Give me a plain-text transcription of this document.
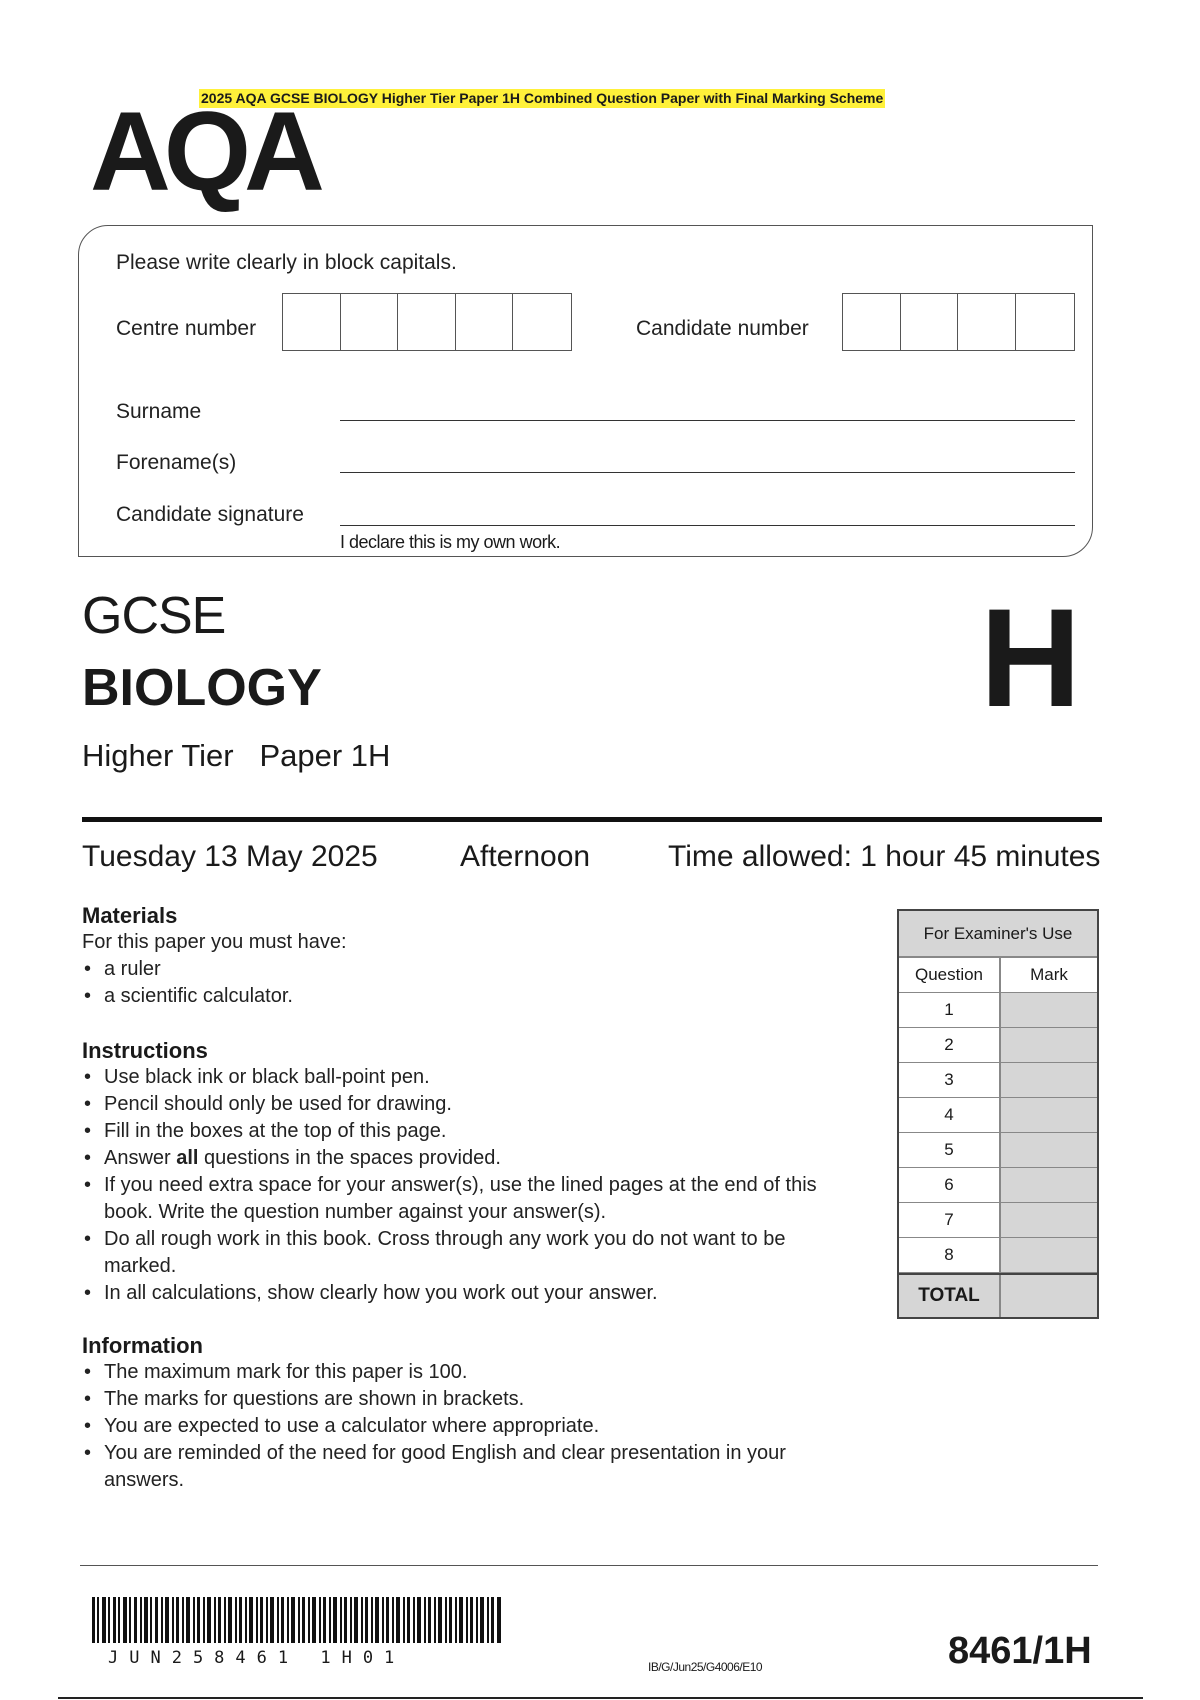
2025 AQA GCSE BIOLOGY Higher Tier Paper 1H Combined Question Paper with Final Marking Scheme
AQA
Please write clearly in block capitals.
Centre number	Candidate number
Surname
Forename(s)
Candidate signature
I declare this is my own work.
GCSE
BIOLOGY
Higher Tier Paper 1H
H
Tuesday 13 May 2025	Afternoon	Time allowed: 1 hour 45 minutes
Materials
For this paper you must have:
• a ruler
• a scientific calculator.
Instructions
• Use black ink or black ball-point pen.
• Pencil should only be used for drawing.
• Fill in the boxes at the top of this page.
• Answer all questions in the spaces provided.
• If you need extra space for your answer(s), use the lined pages at the end of this book. Write the question number against your answer(s).
• Do all rough work in this book. Cross through any work you do not want to be marked.
• In all calculations, show clearly how you work out your answer.
Information
• The maximum mark for this paper is 100.
• The marks for questions are shown in brackets.
• You are expected to use a calculator where appropriate.
• You are reminded of the need for good English and clear presentation in your answers.
For Examiner's Use
Question	Mark
1
2
3
4
5
6
7
8
TOTAL
JUN258461 1H01	IB/G/Jun25/G4006/E10	8461/1H
